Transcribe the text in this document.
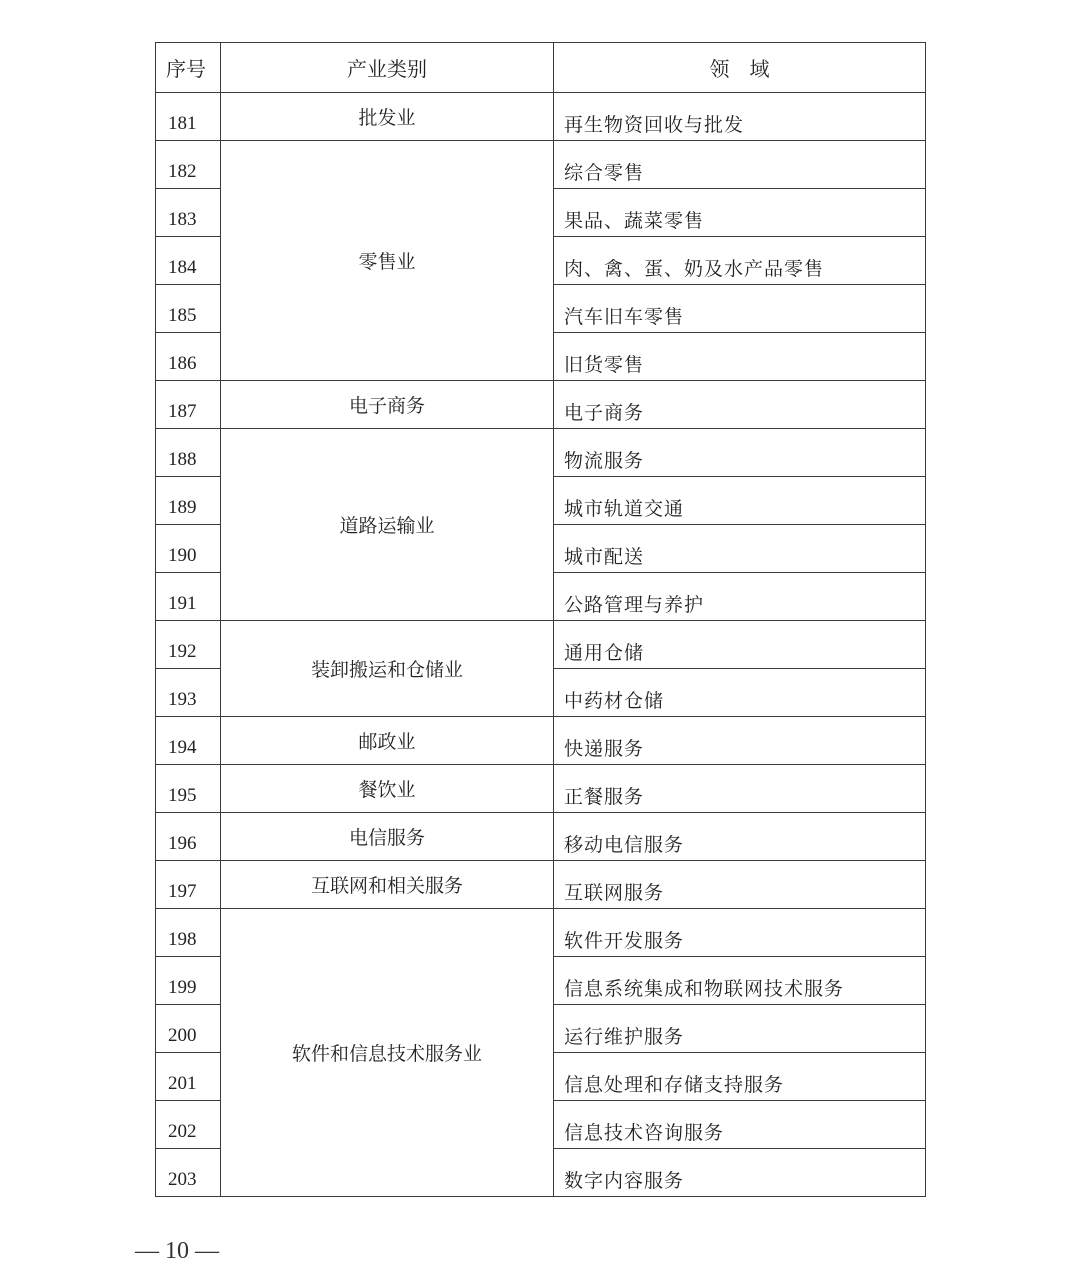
序号	产业类别	领　域
181	批发业	再生物资回收与批发
182	零售业	综合零售
183		果品、蔬菜零售
184		肉、禽、蛋、奶及水产品零售
185		汽车旧车零售
186		旧货零售
187	电子商务	电子商务
188	道路运输业	物流服务
189		城市轨道交通
190		城市配送
191		公路管理与养护
192	装卸搬运和仓储业	通用仓储
193		中药材仓储
194	邮政业	快递服务
195	餐饮业	正餐服务
196	电信服务	移动电信服务
197	互联网和相关服务	互联网服务
198	软件和信息技术服务业	软件开发服务
199		信息系统集成和物联网技术服务
200		运行维护服务
201		信息处理和存储支持服务
202		信息技术咨询服务
203		数字内容服务
— 10 —
